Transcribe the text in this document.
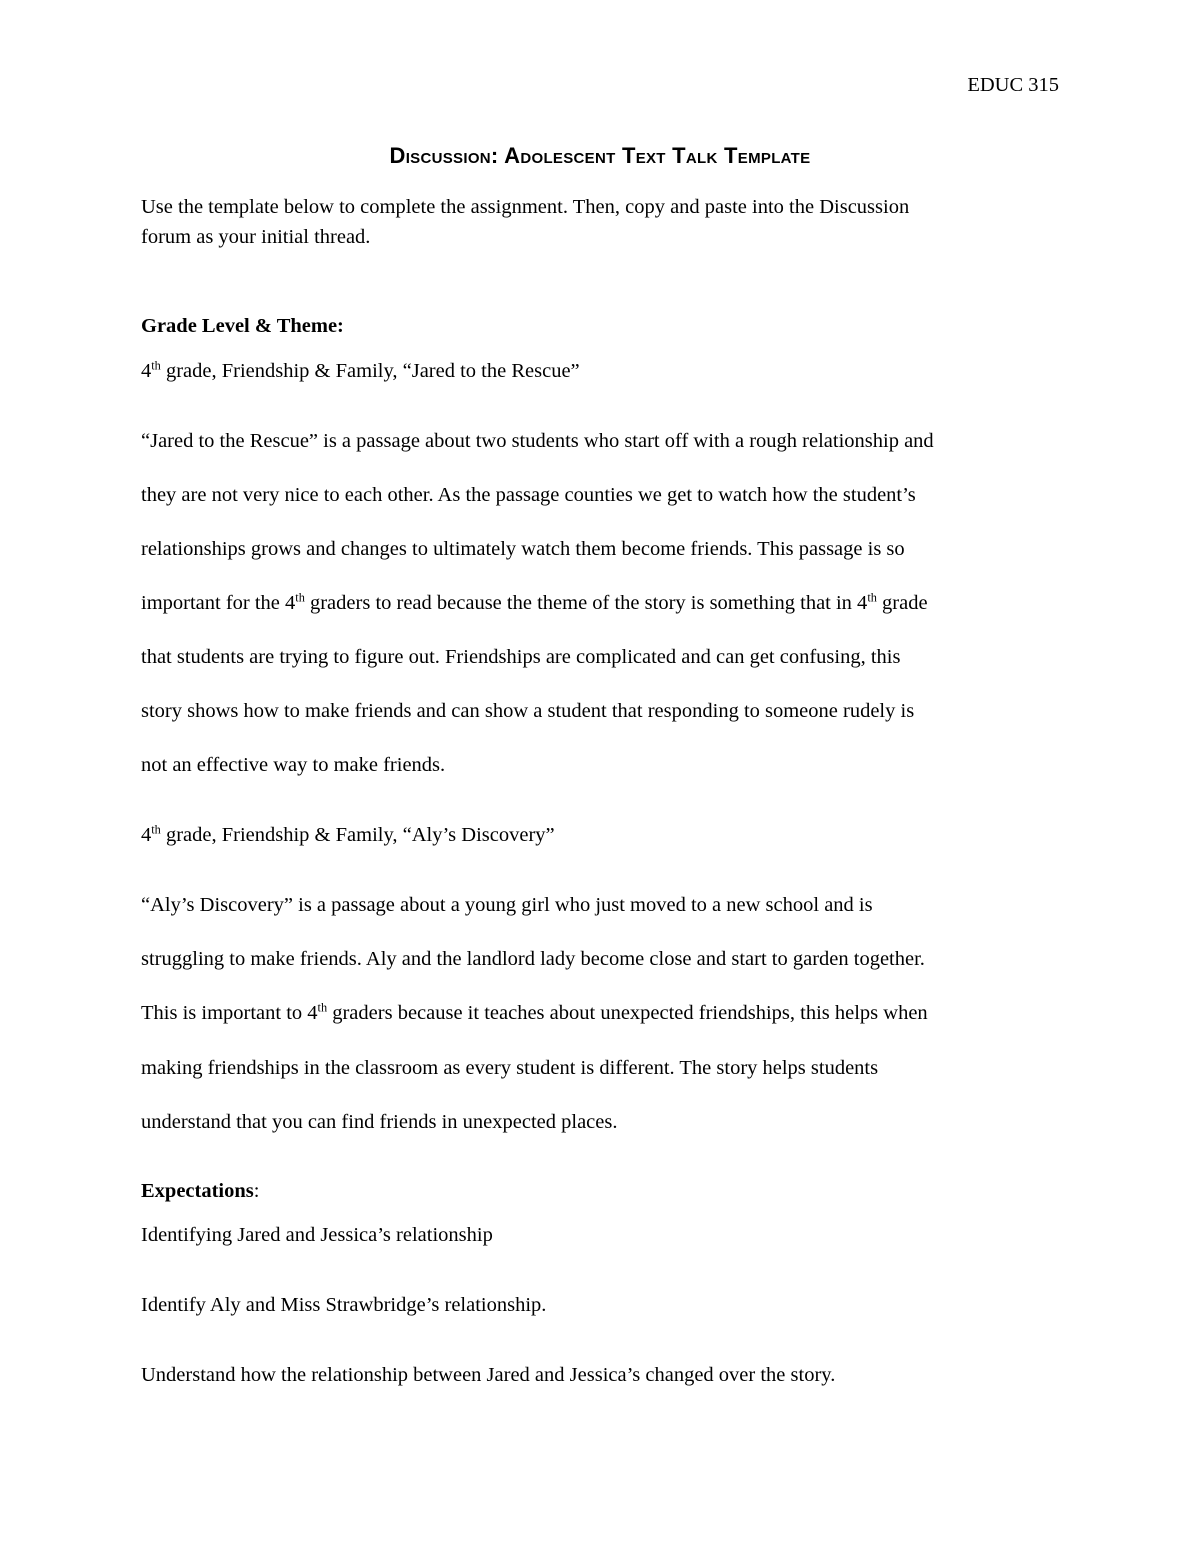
EDUC 315
Discussion: Adolescent Text Talk Template
Use the template below to complete the assignment. Then, copy and paste into the Discussion
forum as your initial thread.
Grade Level & Theme:
4th grade, Friendship & Family, “Jared to the Rescue”
“Jared to the Rescue” is a passage about two students who start off with a rough relationship and
they are not very nice to each other. As the passage counties we get to watch how the student’s
relationships grows and changes to ultimately watch them become friends. This passage is so
important for the 4th graders to read because the theme of the story is something that in 4th grade
that students are trying to figure out. Friendships are complicated and can get confusing, this
story shows how to make friends and can show a student that responding to someone rudely is
not an effective way to make friends.
4th grade, Friendship & Family, “Aly’s Discovery”
“Aly’s Discovery” is a passage about a young girl who just moved to a new school and is
struggling to make friends. Aly and the landlord lady become close and start to garden together.
This is important to 4th graders because it teaches about unexpected friendships, this helps when
making friendships in the classroom as every student is different. The story helps students
understand that you can find friends in unexpected places.
Expectations:
Identifying Jared and Jessica’s relationship
Identify Aly and Miss Strawbridge’s relationship.
Understand how the relationship between Jared and Jessica’s changed over the story.
